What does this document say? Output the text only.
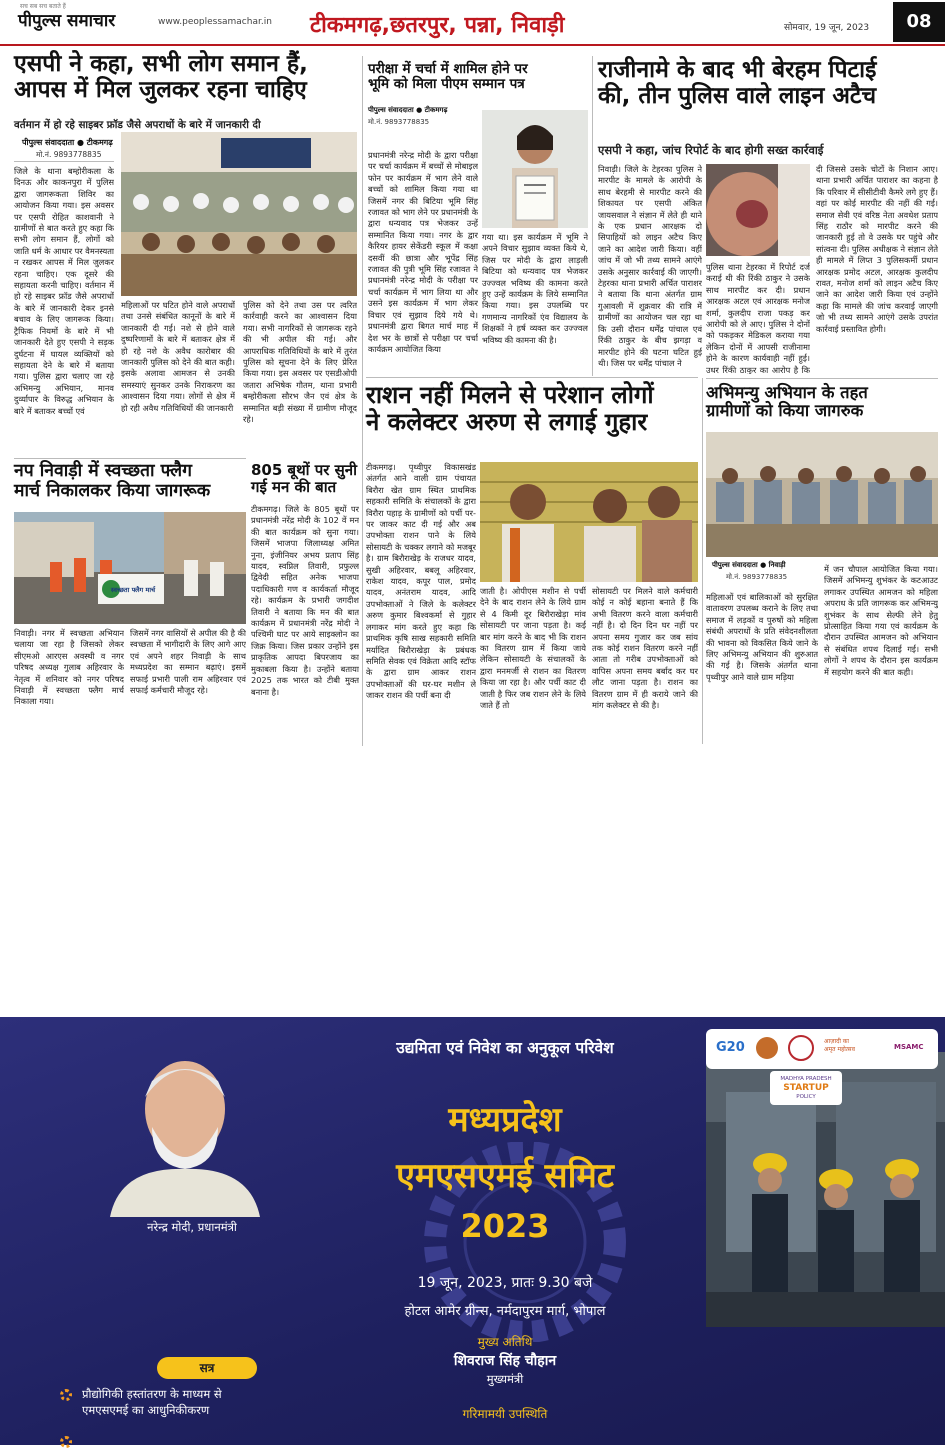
सच सब सच बताते हैं
पीपुल्स समाचार	www.peoplessamachar.in टीकमगढ़,छतरपुर, पन्ना, निवाड़ी	सोमवार, 19 जून, 2023	08
एसपी ने कहा, सभी लोग समान हैं,
आपस में मिल जुलकर रहना चाहिए
वर्तमान में हो रहे साइबर फ्रॉड जैसे अपराधों के बारे में जानकारी दी
पीपुल्स संवाददाता ● टीकमगढ़
मो.नं. 9893778835
जिले के थाना बम्होरीकला के दिनऊ और काकनपुरा में पुलिस द्वारा जागरूकता शिविर का आयोजन किया गया। इस अवसर पर एसपी रोहित काशवानी ने ग्रामीणों से बात करते हुए कहा कि सभी लोग समान हैं, लोगों को जाति धर्म के आधार पर वैमनस्यता न रखकर आपस में मिल जुलकर रहना चाहिए। एक दूसरे की सहायता करनी चाहिए। वर्तमान में हो रहे साइबर फ्रॉड जैसे अपराधों के बारे में जानकारी देकर इनसे बचाव के लिए जागरूक किया। ट्रैफिक नियमों के बारे में भी जानकारी देते हुए एसपी ने सड़क दुर्घटना में घायल व्यक्तियों को सहायता देने के बारे में बताया गया। पुलिस द्वारा चलाए जा रहे अभिमन्यु अभियान, मानव दुर्व्यापार के विरुद्ध अभियान के बारे में बताकर बच्चों एवं
महिलाओं पर घटित होने वाले अपराधों तथा उनसे संबंधित कानूनों के बारे में जानकारी दी गई। नशे से होने वाले दुष्परिणामों के बारे में बताकर क्षेत्र में हो रहे नशे के अवैध कारोबार की जानकारी पुलिस को देने की बात कही। इसके अलावा आमजन से उनकी समस्याएं सुनकर उनके निराकरण का आश्वासन दिया गया। लोगों से क्षेत्र में हो रही अवैध गतिविधियों की जानकारी
पुलिस को देने तथा उस पर त्वरित कार्रवाही करने का आश्वासन दिया गया। सभी नागरिकों से जागरूक रहने की भी अपील की गई। और आपराधिक गतिविधियों के बारे में तुरंत पुलिस को सूचना देने के लिए प्रेरित किया गया। इस अवसर पर एसडीओपी जतारा अभिषेक गौतम, थाना प्रभारी बम्होरीकला सौरभ जैन एवं क्षेत्र के सम्मानित बड़ी संख्या में ग्रामीण मौजूद रहे।
नप निवाड़ी में स्वच्छता फ्लैग
मार्च निकालकर किया जागरूक
स्वच्छता फ्लैग मार्च
निवाड़ी। नगर में स्वच्छता अभियान चलाया जा रहा है जिसको लेकर सीएमओ आरएस अवस्थी व नगर परिषद अध्यक्ष गुलाब अहिरवार के नेतृत्व में शनिवार को नगर परिषद निवाड़ी में स्वच्छता फ्लैग मार्च निकाला गया।
जिसमें नगर वासियों से अपील की है की स्वच्छता में भागीदारी के लिए आगे आए एवं अपने शहर निवाड़ी के साथ मध्यप्रदेश का सम्मान बढ़ाएं। इसमें सफाई प्रभारी पाली राम अहिरवार एवं सफाई कर्मचारी मौजूद रहे।
805 बूथों पर सुनी
गई मन की बात
टीकमगढ़। जिले के 805 बूथों पर प्रधानमंत्री नरेंद्र मोदी के 102 वें मन की बात कार्यक्रम को सुना गया। जिसमें भाजपा जिलाध्यक्ष अमित नुना, इंजीनियर अभय प्रताप सिंह यादव, स्वप्निल तिवारी, प्रफुल्ल द्विवेदी सहित अनेक भाजपा पदाधिकारी गण व कार्यकर्ता मौजूद रहे। कार्यक्रम के प्रभारी जगदीश तिवारी ने बताया कि मन की बात कार्यक्रम में प्रधानमंत्री नरेंद्र मोदी ने पश्चिमी घाट पर आये साइक्लोन का जिक्र किया। जिस प्रकार उन्होंने इस प्राकृतिक आपदा बिपरजाय का मुकाबला किया है। उन्होंने बताया 2025 तक भारत को टीबी मुक्त बनाना है।
परीक्षा में चर्चा में शामिल होने पर
भूमि को मिला पीएम सम्मान पत्र
पीपुल्स संवाददाता ● टीकमगढ़
मो.नं. 9893778835
प्रधानमंत्री नरेन्द्र मोदी के द्वारा परीक्षा पर चर्चा कार्यक्रम में बच्चों से मोबाइल फोन पर कार्यक्रम में भाग लेने वाले बच्चों को शामिल किया गया था जिसमें नगर की बिटिया भूमि सिंह रजावत को भाग लेने पर प्रधानमंत्री के द्वारा धन्यवाद पत्र भेजकर उन्हें सम्मानित किया गया। नगर के द्वार कैरियर हायर सेकेंडरी स्कूल में कक्षा दसवीं की छात्रा और भूपेंद्र सिंह रजावत की पुत्री भूमि सिंह रजावत ने प्रधानमंत्री नरेन्द्र मोदी के परीक्षा पर चर्चा कार्यक्रम में भाग लिया था और उसने इस कार्यक्रम में भाग लेकर विचार एवं सुझाव दिये गये थे। प्रधानमंत्री द्वारा बिगत मार्च माह में देश भर के छात्रों से परीक्षा पर चर्चा कार्यक्रम आयोजित किया
गया था। इस कार्यक्रम में भूमि ने अपने विचार सुझाव व्यक्त किये थे, जिस पर मोदी के द्वारा लाड़ली बिटिया को धन्यवाद पत्र भेजकर उज्ज्वल भविष्य की कामना करते हुए उन्हें कार्यक्रम के लिये सम्मानित किया गया। इस उपलब्धि पर गणमान्य नागरिकों एंव विद्यालय के शिक्षकों ने हर्ष व्यक्त कर उज्ज्वल भविष्य की कामना की है।
राजीनामे के बाद भी बेरहम पिटाई
की, तीन पुलिस वाले लाइन अटैच
एसपी ने कहा, जांच रिपोर्ट के बाद होगी सख्त कार्रवाई
निवाड़ी। जिले के टेहरका पुलिस ने मारपीट के मामले के आरोपी के साथ बेरहमी से मारपीट करने की शिकायत पर एसपी अंकित जायसवाल ने संज्ञान में लेते ही थाने के एक प्रधान आरक्षक दो सिपाहियों को लाइन अटैच किए जाने का आदेश जारी किया। वहीं जांच में जो भी तथ्य सामने आएंगे उसके अनुसार कार्रवाई की जाएगी। टेहरका थाना प्रभारी अर्चित पाराशर ने बताया कि थाना अंतर्गत ग्राम गुआवली में शुक्रवार की रात्रि में ग्रामीणों का आयोजन चल रहा था कि उसी दौरान धर्मेंद्र पांचाल एवं रिंकी ठाकुर के बीच झगड़ा व मारपीट होने की घटना घटित हुई थी। जिस पर धर्मेंद्र पांचाल ने
पुलिस थाना टेहरका में रिपोर्ट दर्ज कराई थी की रिंकी ठाकुर ने उसके साथ मारपीट कर दी। प्रधान आरक्षक अटल एवं आरक्षक मनोज शर्मा, कुलदीप राजा पकड़ कर आरोपी को ले आए। पुलिस ने दोनों को पकड़कर मेडिकल कराया गया लेकिन दोनों में आपसी राजीनामा होने के कारण कार्यवाही नहीं हुई। उधर रिंकी ठाकुर का आरोप है कि
दी जिससे उसके चोटों के निशान आए। थाना प्रभारी अर्चित पाराशर का कहना है कि परिवार में सीसीटीवी कैमरे लगे हुए हैं। वहां पर कोई मारपीट की नहीं की गई। समाज सेवी एवं वरिष्ठ नेता अवधेश प्रताप सिंह राठौर को मारपीट करने की जानकारी हुई तो वे उसके घर पहुंचे और सांत्वना दी। पुलिस अधीक्षक ने संज्ञान लेते ही मामले में लिप्त 3 पुलिसकर्मी प्रधान आरक्षक प्रमोद अटल, आरक्षक कुलदीप रावत, मनोज शर्मा को लाइन अटैच किए जाने का आदेश जारी किया एवं उन्होंने कहा कि मामले की जांच करवाई जाएगी जो भी तथ्य सामने आएंगे उसके उपरांत कार्रवाई प्रस्तावित होगी।
राशन नहीं मिलने से परेशान लोगों
ने कलेक्टर अरुण से लगाई गुहार
टीकमगढ़। पृथ्वीपुर विकासखंड अंतर्गत आने वाली ग्राम पंचायत बिरौरा खेत ग्राम स्थित प्राथमिक सहकारी समिति के संचालकों के द्वारा विरौरा पहाड़ के ग्रामीणों को पर्ची पर-पर जाकर काट दी गई और अब उपभोक्ता राशन पाने के लिये सोसायटी के चक्कर लगाने को मजबूर है। ग्राम बिरौराखेड़ के राजधर यादव, सुखी अहिरवार, बबलू अहिरवार, राकेश यादव, कपूर पाल, प्रमोद यादव, अनंतराम यादव, आदि उपभोक्ताओं ने जिले के कलेक्टर अरुण कुमार बिश्वकर्मा से गुहार लगाकर मांग करते हुए कहा कि प्राथमिक कृषि साख सहकारी समिति मर्यादित बिरौराखेड़ा के प्रबंधक समिति सेवक एवं विक्रेता आदि स्टॉफ के द्वारा ग्राम आकर राशन उपभोक्ताओं की घर-घर मशीन ले जाकर राशन की पर्ची बना दी
जाती है। ओपीएस मशीन से पर्ची देने के बाद राशन लेने के लिये ग्राम से 4 किमी दूर बिरौराखेड़ा मांव सोसायटी पर जाना पड़ता है। कई बार मांग करने के बाद भी कि राशन का वितरण ग्राम में किया जाये लेकिन सोसायटी के संचालकों के द्वारा मनमर्जी से राशन का वितरण किया जा रहा है। और पर्ची काट दी जाती है फिर जब राशन लेने के लिये जाते हैं तो
सोसायटी पर मिलने वाले कर्मचारी कोई न कोई बहाना बनाते हैं कि अभी वितरण करने वाला कर्मचारी नहीं है। दो दिन दिन घर नहीं पर अपना समय गुजार कर जब सांय तक कोई राशन वितरण करने नहीं आता तो गरीब उपभोक्ताओं को वापिस अपना समय बर्बाद कर घर लौट जाना पड़ता है। राशन का वितरण ग्राम में ही कराये जाने की मांग कलेक्टर से की है।
अभिमन्यु अभियान के तहत
ग्रामीणों को किया जागरुक
पीपुल्स संवाददाता ● निवाड़ी
मो.नं. 9893778835
महिलाओं एवं बालिकाओं को सुरक्षित वातावरण उपलब्ध कराने के लिए तथा समाज में लड़कों व पुरुषों को महिला संबंधी अपराधों के प्रति संवेदनशीलता की भावना को विकसित किये जाने के लिए अभिमन्यु अभियान की शुरुआत की गई है। जिसके अंतर्गत थाना पृथ्वीपुर आने वाले ग्राम मड़िया
में जन चौपाल आयोजित किया गया। जिसमें अभिमन्यु शुभंकर के कटआउट लगाकर उपस्थित आमजन को महिला अपराध के प्रति जागरूक कर अभिमन्यु शुभंकर के साथ सेल्फी लेने हेतु प्रोत्साहित किया गया एवं कार्यक्रम के दौरान उपस्थित आमजन को अभियान से संबंधित शपथ दिलाई गई। सभी लोगों ने शपथ के दौरान इस कार्यक्रम में सहयोग करने की बात कही।
G20	आज़ादी का
अमृत महोत्सव	MSAMC
MADHYA PRADESH
STARTUP
POLICY
नरेन्द्र मोदी, प्रधानमंत्री
उद्यमिता एवं निवेश का अनुकूल परिवेश
मध्यप्रदेश
एमएसएमई समिट
2023
19 जून, 2023, प्रातः 9.30 बजे
होटल आमेर ग्रीन्स, नर्मदापुरम मार्ग, भोपाल
मुख्य अतिथि
शिवराज सिंह चौहान
मुख्यमंत्री
गरिमामयी उपस्थिति
सत्र
प्रौद्योगिकी हस्तांतरण के माध्यम से
एमएसएमई का आधुनिकीकरण
